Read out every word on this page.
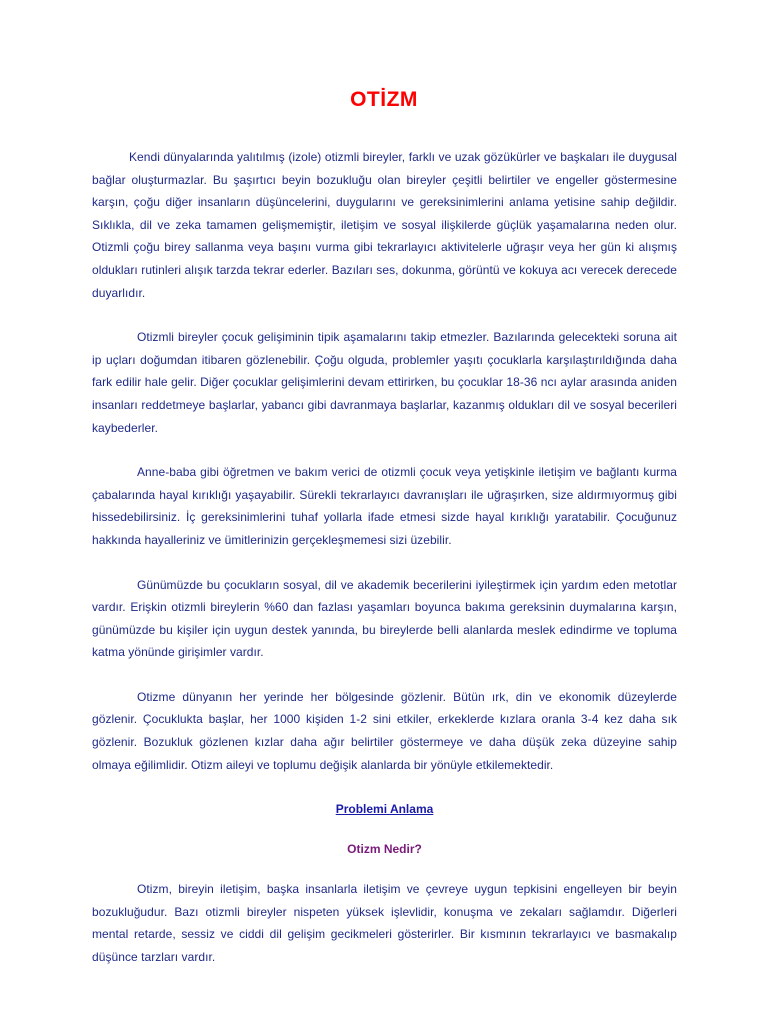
OTİZM

Kendi dünyalarında yalıtılmış (izole) otizmli bireyler, farklı ve uzak gözükürler ve başkaları ile duygusal bağlar oluşturmazlar. Bu şaşırtıcı beyin bozukluğu olan bireyler çeşitli belirtiler ve engeller göstermesine karşın, çoğu diğer insanların düşüncelerini, duygularını ve gereksinimlerini anlama yetisine sahip değildir. Sıklıkla, dil ve zeka tamamen gelişmemiştir, iletişim ve sosyal ilişkilerde güçlük yaşamalarına neden olur. Otizmli çoğu birey sallanma veya başını vurma gibi tekrarlayıcı aktivitelerle uğraşır veya her gün ki alışmış oldukları rutinleri alışık tarzda tekrar ederler. Bazıları ses, dokunma, görüntü ve kokuya acı verecek derecede duyarlıdır.

Otizmli bireyler çocuk gelişiminin tipik aşamalarını takip etmezler. Bazılarında gelecekteki soruna ait ip uçları doğumdan itibaren gözlenebilir. Çoğu olguda, problemler yaşıtı çocuklarla karşılaştırıldığında daha fark edilir hale gelir. Diğer çocuklar gelişimlerini devam ettirirken, bu çocuklar 18-36 ncı aylar arasında aniden insanları reddetmeye başlarlar, yabancı gibi davranmaya başlarlar, kazanmış oldukları dil ve sosyal becerileri kaybederler.

Anne-baba gibi öğretmen ve bakım verici de otizmli çocuk veya yetişkinle iletişim ve bağlantı kurma çabalarında hayal kırıklığı yaşayabilir. Sürekli tekrarlayıcı davranışları ile uğraşırken, size aldırmıyormuş gibi hissedebilirsiniz. İç gereksinimlerini tuhaf yollarla ifade etmesi sizde hayal kırıklığı yaratabilir. Çocuğunuz hakkında hayalleriniz ve ümitlerinizin gerçekleşmemesi sizi üzebilir.

Günümüzde bu çocukların sosyal, dil ve akademik becerilerini iyileştirmek için yardım eden metotlar vardır. Erişkin otizmli bireylerin %60 dan fazlası yaşamları boyunca bakıma gereksinin duymalarına karşın, günümüzde bu kişiler için uygun destek yanında, bu bireylerde belli alanlarda meslek edindirme ve topluma katma yönünde girişimler vardır.

Otizme dünyanın her yerinde her bölgesinde gözlenir. Bütün ırk, din ve ekonomik düzeylerde gözlenir. Çocuklukta başlar, her 1000 kişiden 1-2 sini etkiler, erkeklerde kızlara oranla 3-4 kez daha sık gözlenir. Bozukluk gözlenen kızlar daha ağır belirtiler göstermeye ve daha düşük zeka düzeyine sahip olmaya eğilimlidir. Otizm aileyi ve toplumu değişik alanlarda bir yönüyle etkilemektedir.

Problemi Anlama
Otizm Nedir?

Otizm, bireyin iletişim, başka insanlarla iletişim ve çevreye uygun tepkisini engelleyen bir beyin bozukluğudur. Bazı otizmli bireyler nispeten yüksek işlevlidir, konuşma ve zekaları sağlamdır. Diğerleri mental retarde, sessiz ve ciddi dil gelişim gecikmeleri gösterirler. Bir kısmının tekrarlayıcı ve basmakalıp düşünce tarzları vardır.
